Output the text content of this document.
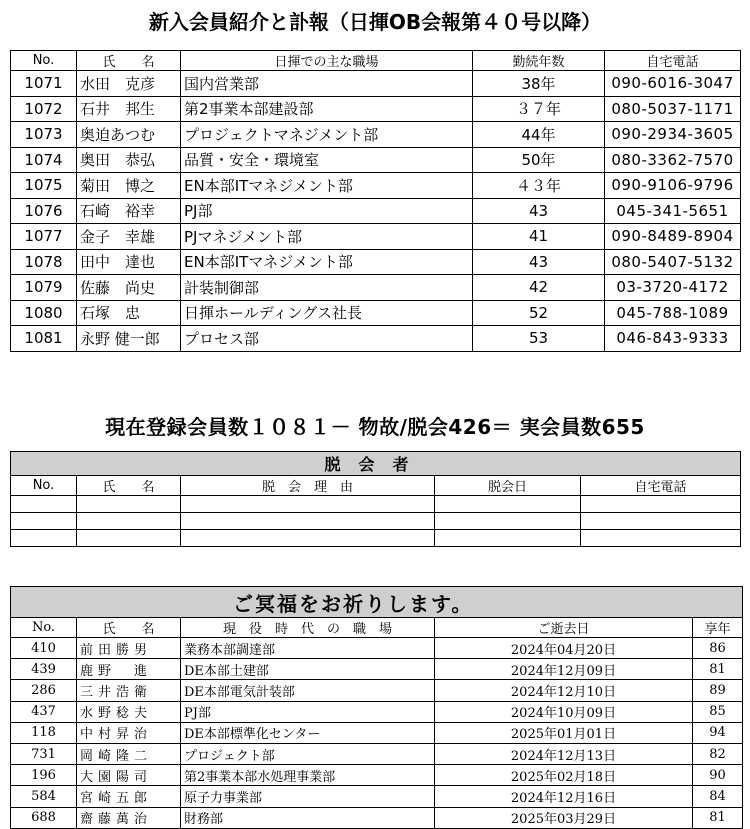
新入会員紹介と訃報（日揮OB会報第４０号以降）
No.	氏　　名	日揮での主な職場	勤続年数	自宅電話
1071	水田　克彦	国内営業部	38年	090-6016-3047
1072	石井　邦生	第2事業本部建設部	３７年	080-5037-1171
1073	奥迫あつむ	プロジェクトマネジメント部	44年	090-2934-3605
1074	奥田　恭弘	品質・安全・環境室	50年	080-3362-7570
1075	菊田　博之	EN本部ITマネジメント部	４３年	090-9106-9796
1076	石崎　裕幸	PJ部	43	045-341-5651
1077	金子　幸雄	PJマネジメント部	41	090-8489-8904
1078	田中　達也	EN本部ITマネジメント部	43	080-5407-5132
1079	佐藤　尚史	計装制御部	42	03-3720-4172
1080	石塚　忠	日揮ホールディングス社長	52	045-788-1089
1081	永野 健一郎	プロセス部	53	046-843-9333
現在登録会員数１０８１－ 物故/脱会426＝ 実会員数655
脱会者				
No.	氏　　名	脱　会　理　由	脱会日	自宅電話

ご冥福をお祈りします。				
No.	氏　　名	現　役　時　代　の　職　場	ご逝去日	享年
410	前田勝男	業務本部調達部	2024年04月20日	86
439	鹿野　進	DE本部土建部	2024年12月09日	81
286	三井浩衛	DE本部電気計装部	2024年12月10日	89
437	水野稔夫	PJ部	2024年10月09日	85
118	中村昇治	DE本部標準化センター	2025年01月01日	94
731	岡崎隆二	プロジェクト部	2024年12月13日	82
196	大園陽司	第2事業本部水処理事業部	2025年02月18日	90
584	宮崎五郎	原子力事業部	2024年12月16日	84
688	齋藤萬治	財務部	2025年03月29日	81
